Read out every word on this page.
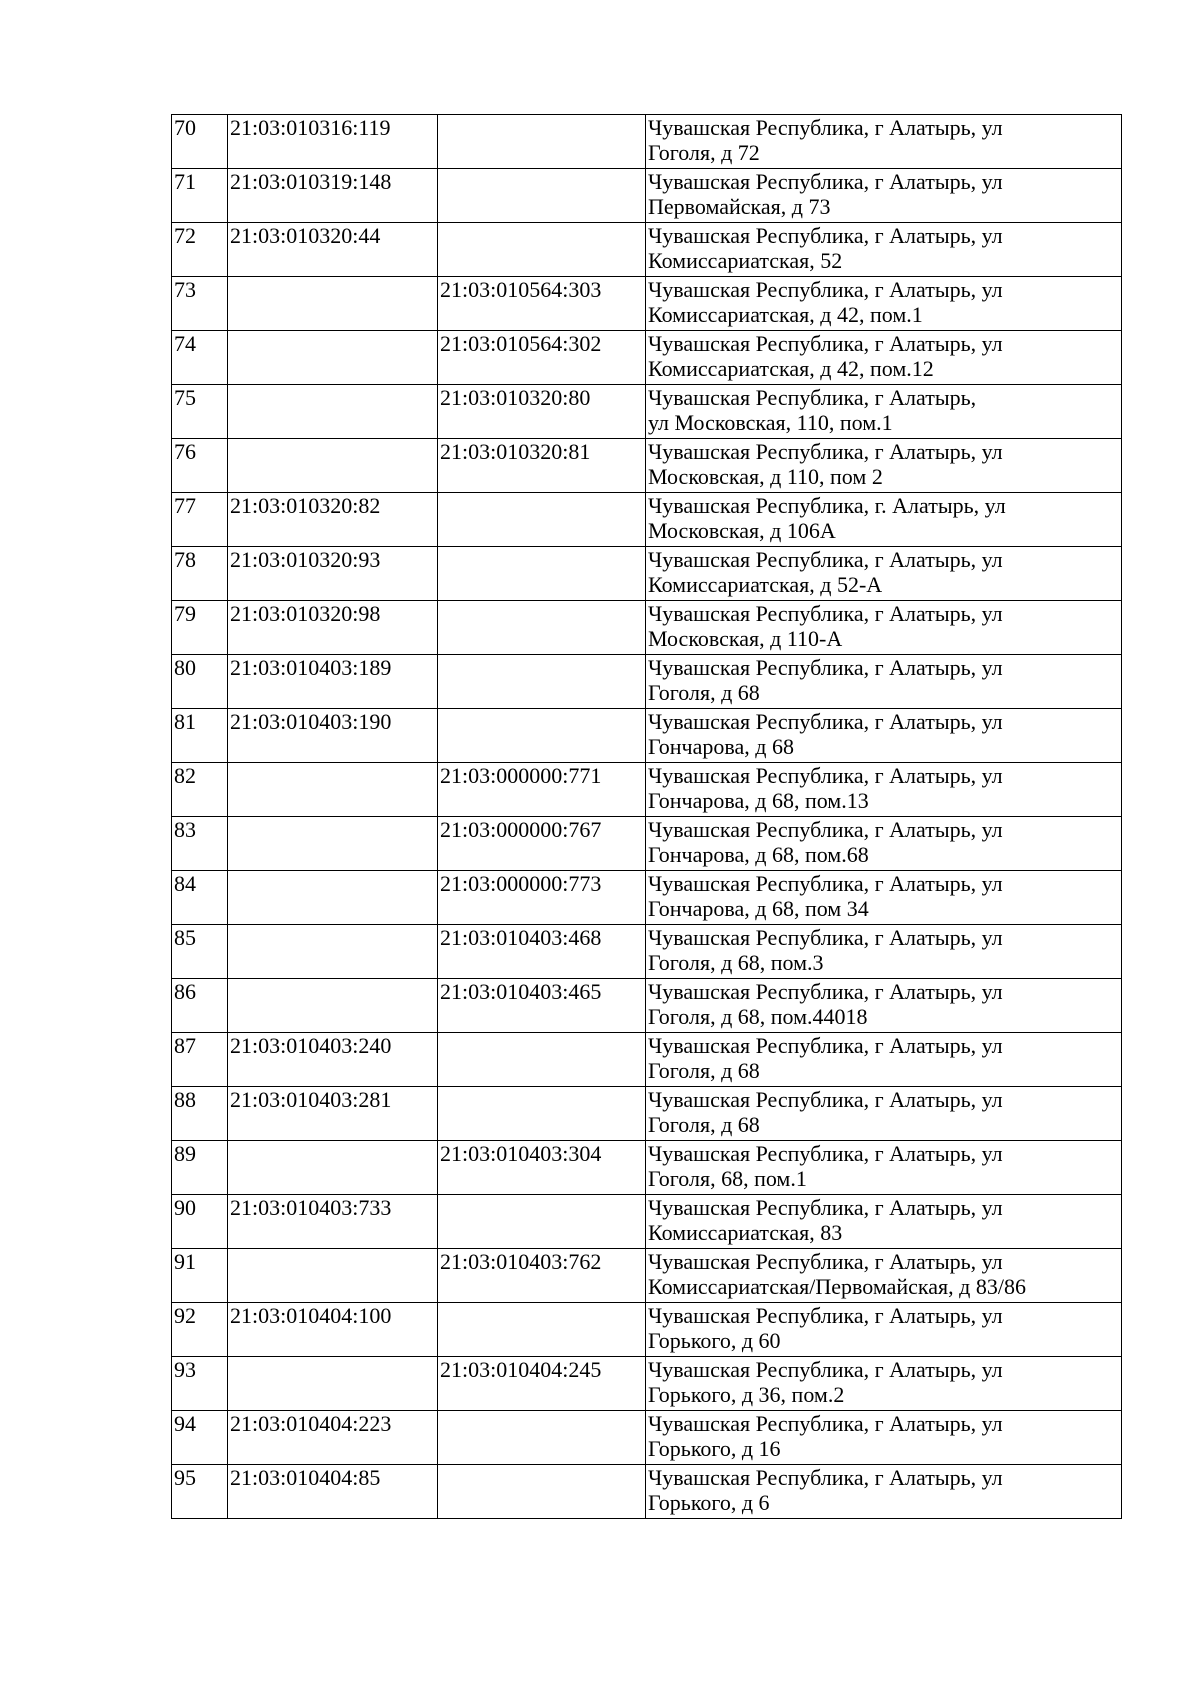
70	21:03:010316:119		Чувашская Республика, г Алатырь, ул
Гоголя, д 72

71	21:03:010319:148		Чувашская Республика, г Алатырь, ул
Первомайская, д 73

72	21:03:010320:44		Чувашская Республика, г Алатырь, ул
Комиссариатская, 52

73		21:03:010564:303	Чувашская Республика, г Алатырь, ул
Комиссариатская, д 42, пом.1

74		21:03:010564:302	Чувашская Республика, г Алатырь, ул
Комиссариатская, д 42, пом.12

75		21:03:010320:80	Чувашская Республика, г Алатырь,
ул Московская, 110, пом.1

76		21:03:010320:81	Чувашская Республика, г Алатырь, ул
Московская, д 110, пом 2

77	21:03:010320:82		Чувашская Республика, г. Алатырь, ул
Московская, д 106А

78	21:03:010320:93		Чувашская Республика, г Алатырь, ул
Комиссариатская, д 52-А

79	21:03:010320:98		Чувашская Республика, г Алатырь, ул
Московская, д 110-А

80	21:03:010403:189		Чувашская Республика, г Алатырь, ул
Гоголя, д 68

81	21:03:010403:190		Чувашская Республика, г Алатырь, ул
Гончарова, д 68

82		21:03:000000:771	Чувашская Республика, г Алатырь, ул
Гончарова, д 68, пом.13

83		21:03:000000:767	Чувашская Республика, г Алатырь, ул
Гончарова, д 68, пом.68

84		21:03:000000:773	Чувашская Республика, г Алатырь, ул
Гончарова, д 68, пом 34

85		21:03:010403:468	Чувашская Республика, г Алатырь, ул
Гоголя, д 68, пом.3

86		21:03:010403:465	Чувашская Республика, г Алатырь, ул
Гоголя, д 68, пом.44018

87	21:03:010403:240		Чувашская Республика, г Алатырь, ул
Гоголя, д 68

88	21:03:010403:281		Чувашская Республика, г Алатырь, ул
Гоголя, д 68

89		21:03:010403:304	Чувашская Республика, г Алатырь, ул
Гоголя, 68, пом.1

90	21:03:010403:733		Чувашская Республика, г Алатырь, ул
Комиссариатская, 83

91		21:03:010403:762	Чувашская Республика, г Алатырь, ул
Комиссариатская/Первомайская, д 83/86

92	21:03:010404:100		Чувашская Республика, г Алатырь, ул
Горького, д 60

93		21:03:010404:245	Чувашская Республика, г Алатырь, ул
Горького, д 36, пом.2

94	21:03:010404:223		Чувашская Республика, г Алатырь, ул
Горького, д 16

95	21:03:010404:85		Чувашская Республика, г Алатырь, ул
Горького, д 6
